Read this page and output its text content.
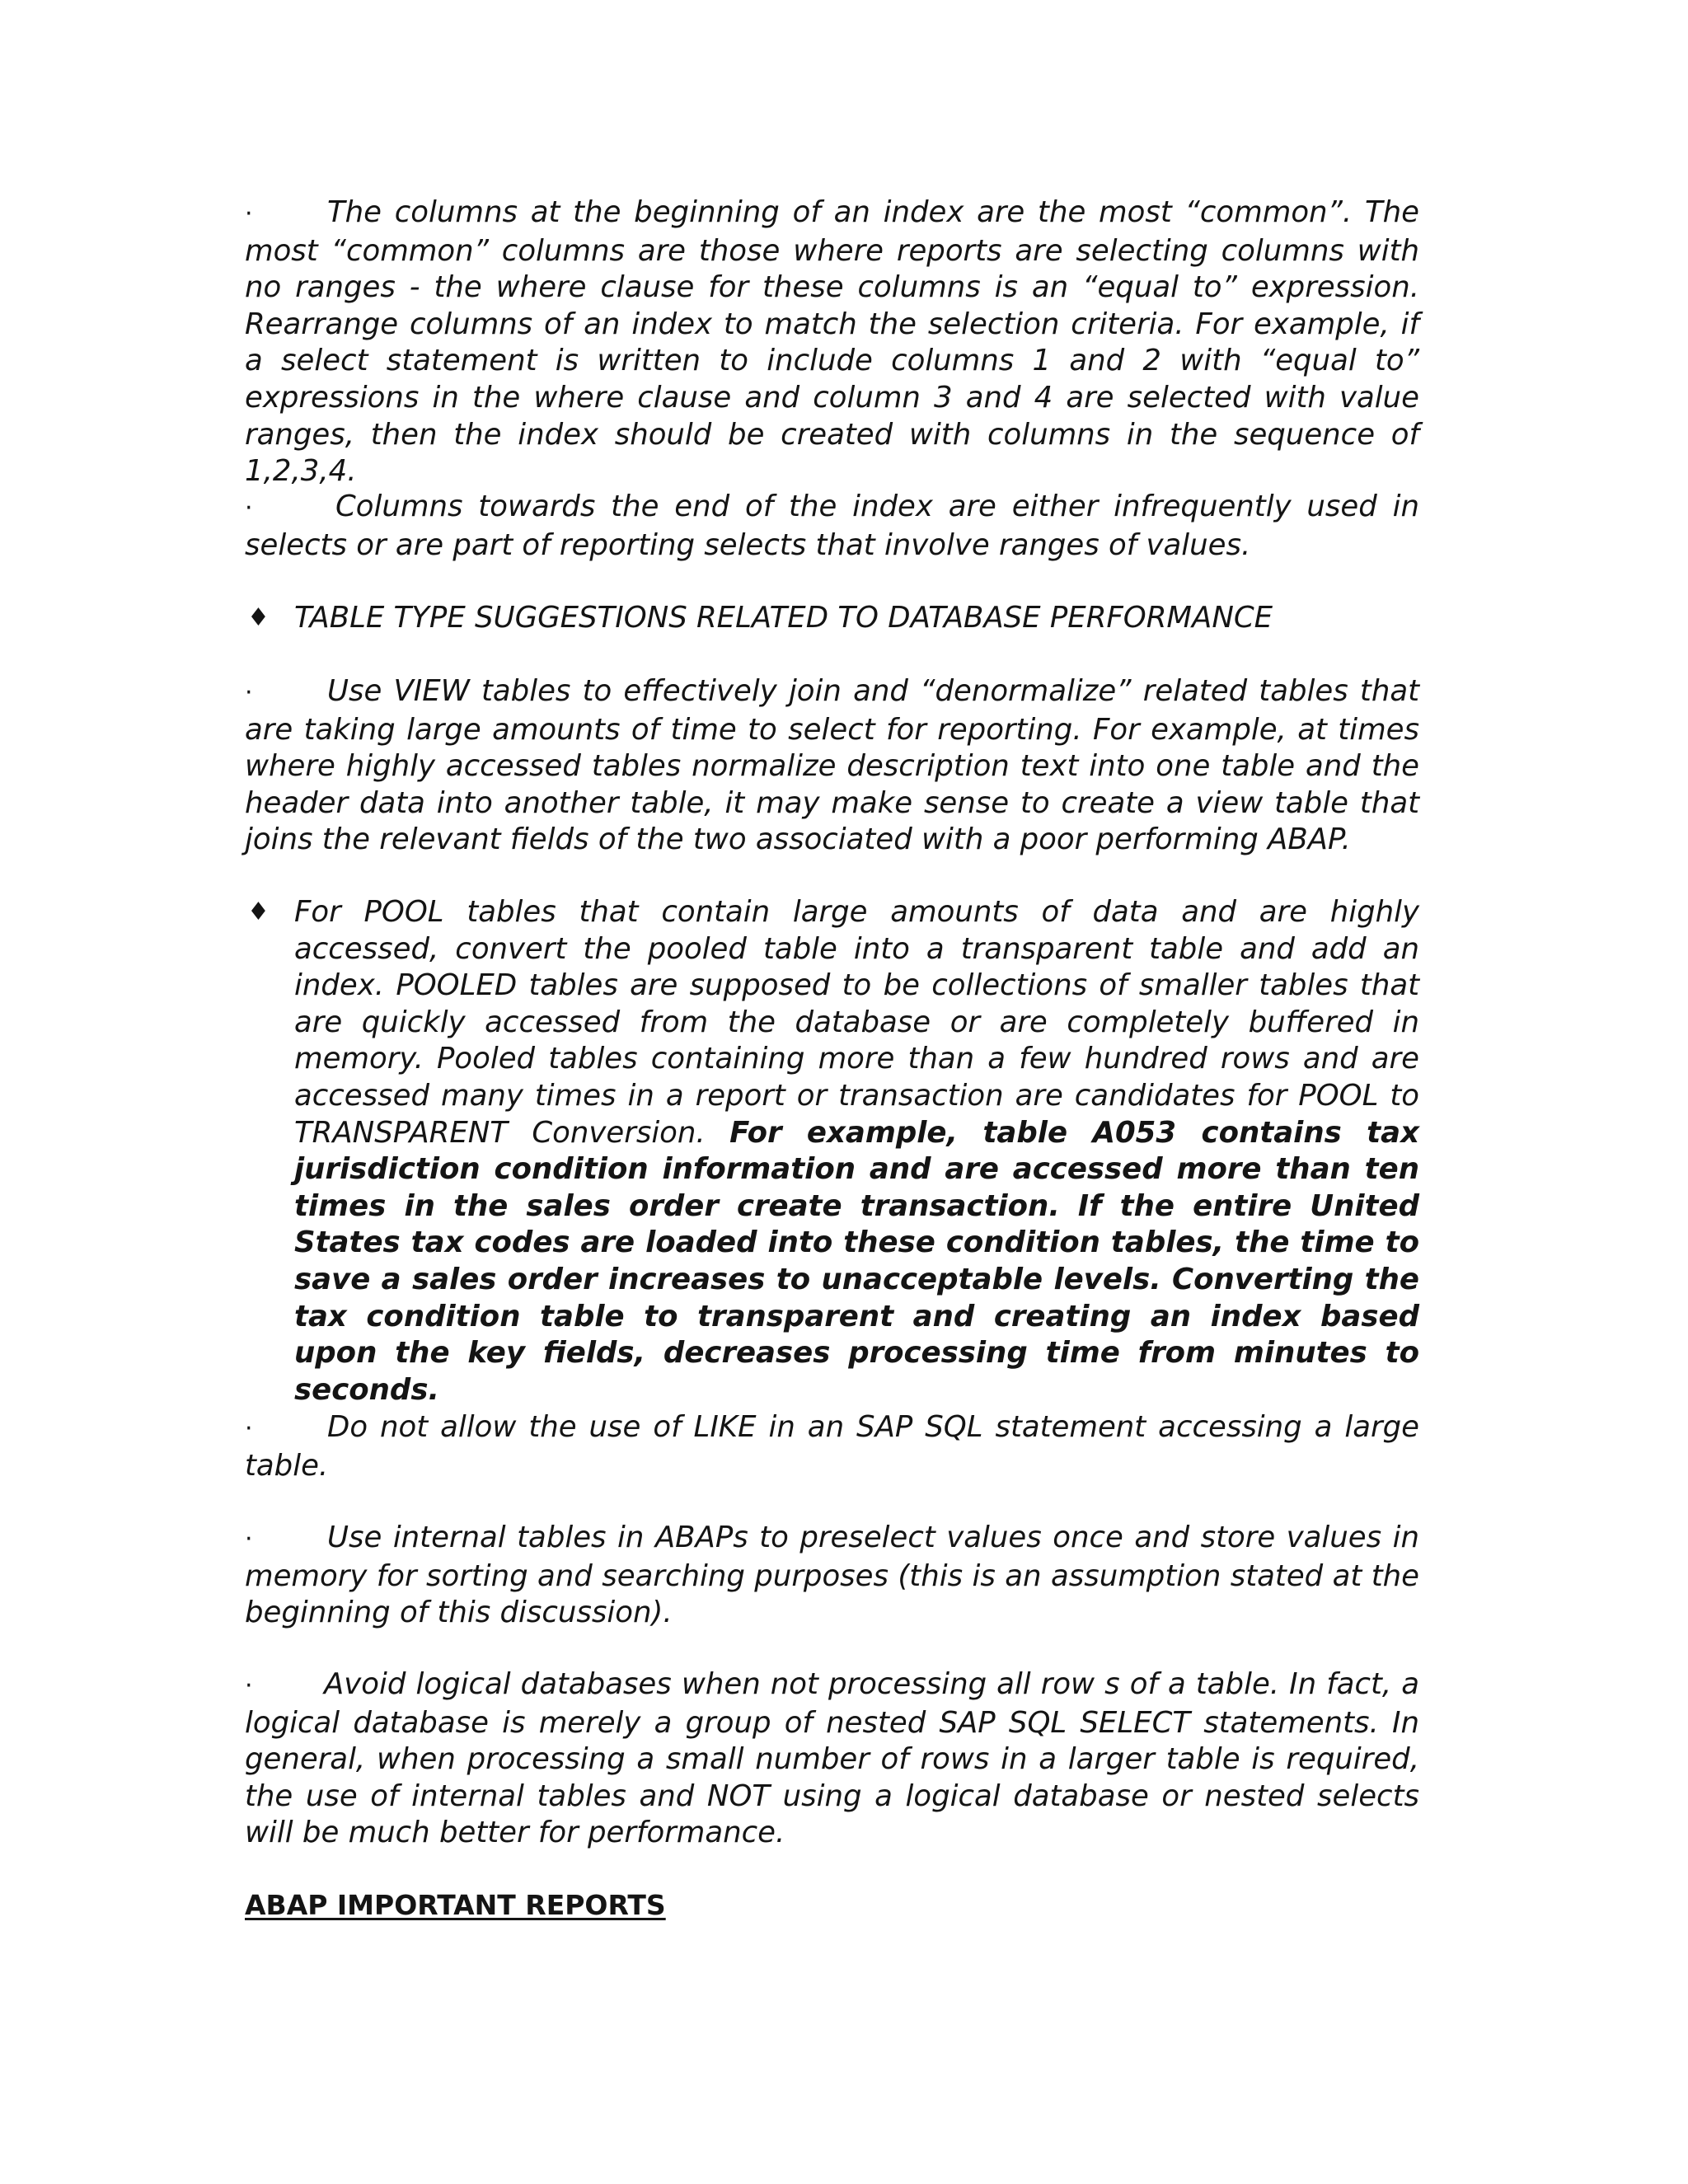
·	The columns at the beginning of an index are the most “common”. The most “common” columns are those where reports are selecting columns with no ranges - the where clause for these columns is an “equal to” expression. Rearrange columns of an index to match the selection criteria. For example, if a select statement is written to include columns 1 and 2 with “equal to” expressions in the where clause and column 3 and 4 are selected with value ranges, then the index should be created with columns in the sequence of 1,2,3,4.

·	Columns towards the end of the index are either infrequently used in selects or are part of reporting selects that involve ranges of values.

♦ TABLE TYPE SUGGESTIONS RELATED TO DATABASE PERFORMANCE

·	Use VIEW tables to effectively join and “denormalize” related tables that are taking large amounts of time to select for reporting. For example, at times where highly accessed tables normalize description text into one table and the header data into another table, it may make sense to create a view table that joins the relevant fields of the two associated with a poor performing ABAP.

♦ For POOL tables that contain large amounts of data and are highly accessed, convert the pooled table into a transparent table and add an index. POOLED tables are supposed to be collections of smaller tables that are quickly accessed from the database or are completely buffered in memory. Pooled tables containing more than a few hundred rows and are accessed many times in a report or transaction are candidates for POOL to TRANSPARENT Conversion. For example, table A053 contains tax jurisdiction condition information and are accessed more than ten times in the sales order create transaction. If the entire United States tax codes are loaded into these condition tables, the time to save a sales order increases to unacceptable levels. Converting the tax condition table to transparent and creating an index based upon the key fields, decreases processing time from minutes to seconds.

·	Do not allow the use of LIKE in an SAP SQL statement accessing a large table.

·	Use internal tables in ABAPs to preselect values once and store values in memory for sorting and searching purposes (this is an assumption stated at the beginning of this discussion).

· Avoid logical databases when not processing all row s of a table. In fact, a logical database is merely a group of nested SAP SQL SELECT statements. In general, when processing a small number of rows in a larger table is required, the use of internal tables and NOT using a logical database or nested selects will be much better for performance.

ABAP IMPORTANT REPORTS
